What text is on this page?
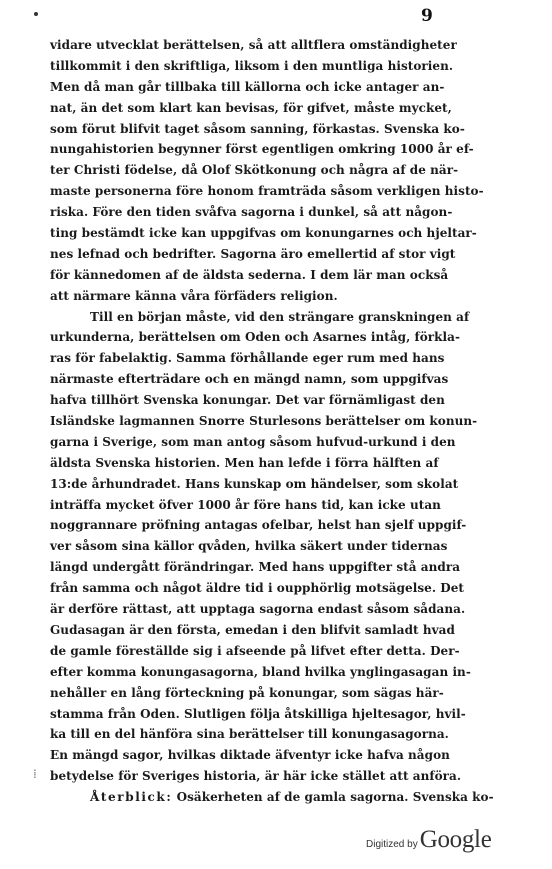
9
vidare utvecklat berättelsen, så att alltflera omständigheter
tillkommit i den skriftliga, liksom i den muntliga historien.
Men då man går tillbaka till källorna och icke antager an-
nat, än det som klart kan bevisas, för gifvet, måste mycket,
som förut blifvit taget såsom sanning, förkastas. Svenska ko-
nungahistorien begynner först egentligen omkring 1000 år ef-
ter Christi födelse, då Olof Skötkonung och några af de när-
maste personerna före honom framträda såsom verkligen histo-
riska. Före den tiden svåfva sagorna i dunkel, så att någon-
ting bestämdt icke kan uppgifvas om konungarnes och hjeltar-
nes lefnad och bedrifter. Sagorna äro emellertid af stor vigt
för kännedomen af de äldsta sederna. I dem lär man också
att närmare känna våra förfäders religion.
Till en början måste, vid den strängare granskningen af
urkunderna, berättelsen om Oden och Asarnes intåg, förkla-
ras för fabelaktig. Samma förhållande eger rum med hans
närmaste efterträdare och en mängd namn, som uppgifvas
hafva tillhört Svenska konungar. Det var förnämligast den
Isländske lagmannen Snorre Sturlesons berättelser om konun-
garna i Sverige, som man antog såsom hufvud-urkund i den
äldsta Svenska historien. Men han lefde i förra hälften af
13:de århundradet. Hans kunskap om händelser, som skolat
inträffa mycket öfver 1000 år före hans tid, kan icke utan
noggrannare pröfning antagas ofelbar, helst han sjelf uppgif-
ver såsom sina källor qvåden, hvilka säkert under tidernas
längd undergått förändringar. Med hans uppgifter stå andra
från samma och något äldre tid i oupphörlig motsägelse. Det
är derföre rättast, att upptaga sagorna endast såsom sådana.
Gudasagan är den första, emedan i den blifvit samladt hvad
de gamle föreställde sig i afseende på lifvet efter detta. Der-
efter komma konungasagorna, bland hvilka ynglingasagan in-
nehåller en lång förteckning på konungar, som sägas här-
stamma från Oden. Slutligen följa åtskilliga hjeltesagor, hvil-
ka till en del hänföra sina berättelser till konungasagorna.
En mängd sagor, hvilkas diktade äfventyr icke hafva någon
betydelse för Sveriges historia, är här icke stället att anföra.
Återblick: Osäkerheten af de gamla sagorna. Svenska ko-
⁞
Digitized by Google
